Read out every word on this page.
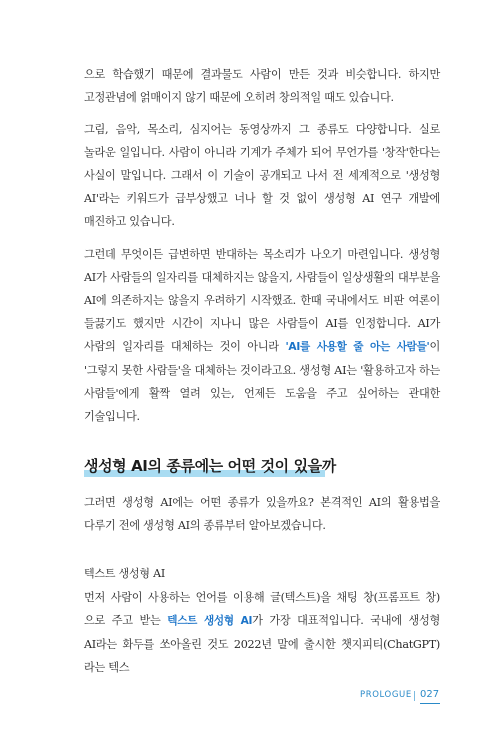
으로 학습했기 때문에 결과물도 사람이 만든 것과 비슷합니다. 하지만 고정관념에 얽매이지 않기 때문에 오히려 창의적일 때도 있습니다.

그림, 음악, 목소리, 심지어는 동영상까지 그 종류도 다양합니다. 실로 놀라운 일입니다. 사람이 아니라 기계가 주체가 되어 무언가를 '창작'한다는 사실이 말입니다. 그래서 이 기술이 공개되고 나서 전 세계적으로 '생성형 AI'라는 키워드가 급부상했고 너나 할 것 없이 생성형 AI 연구 개발에 매진하고 있습니다.

그런데 무엇이든 급변하면 반대하는 목소리가 나오기 마련입니다. 생성형 AI가 사람들의 일자리를 대체하지는 않을지, 사람들이 일상생활의 대부분을 AI에 의존하지는 않을지 우려하기 시작했죠. 한때 국내에서도 비판 여론이 들끓기도 했지만 시간이 지나니 많은 사람들이 AI를 인정합니다. AI가 사람의 일자리를 대체하는 것이 아니라 'AI를 사용할 줄 아는 사람들'이 '그렇지 못한 사람들'을 대체하는 것이라고요. 생성형 AI는 '활용하고자 하는 사람들'에게 활짝 열려 있는, 언제든 도움을 주고 싶어하는 관대한 기술입니다.

생성형 AI의 종류에는 어떤 것이 있을까

그러면 생성형 AI에는 어떤 종류가 있을까요? 본격적인 AI의 활용법을 다루기 전에 생성형 AI의 종류부터 알아보겠습니다.

텍스트 생성형 AI

먼저 사람이 사용하는 언어를 이용해 글(텍스트)을 채팅 창(프롬프트 창)으로 주고 받는 텍스트 생성형 AI가 가장 대표적입니다. 국내에 생성형 AI라는 화두를 쏘아올린 것도 2022년 말에 출시한 챗지피티(ChatGPT)라는 텍스

PROLOGUE 027
